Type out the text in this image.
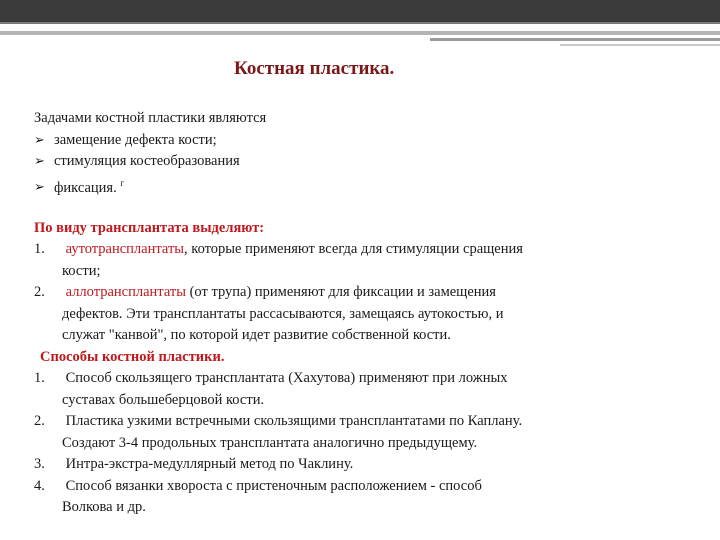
Костная пластика.

Задачами костной пластики являются

➢ замещение дефекта кости;

➢ стимуляция костеобразования

➢ фиксация. $^г$

По виду трансплантата выделяют:

1. аутотрансплантаты, которые применяют всегда для стимуляции сращения

кости;

2. аллотрансплантаты (от трупа) применяют для фиксации и замещения

дефектов. Эти трансплантаты рассасываются, замещаясь аутокостью, и

служат "канвой", по которой идет развитие собственной кости.

Способы костной пластики.

1. Способ скользящего трансплантата (Хахутова) применяют при ложных

суставах большеберцовой кости.

2. Пластика узкими встречными скользящими трансплантатами по Каплану.

Создают 3-4 продольных трансплантата аналогично предыдущему.

3. Интра-экстра-медуллярный метод по Чаклину.

4. Способ вязанки хвороста с пристеночным расположением - способ

Волкова и др.
